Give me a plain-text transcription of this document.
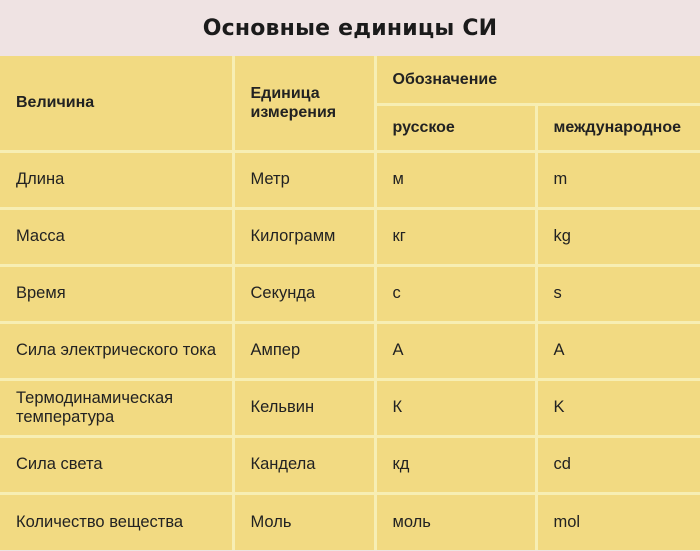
Основные единицы СИ
Величина	Единица измерения	Обозначение	
		русское	международное
Длина	Метр	м	m
Масса	Килограмм	кг	kg
Время	Секунда	с	s
Сила электрического тока	Ампер	А	A
Термодинамическая температура	Кельвин	К	K
Сила света	Кандела	кд	cd
Количество вещества	Моль	моль	mol
